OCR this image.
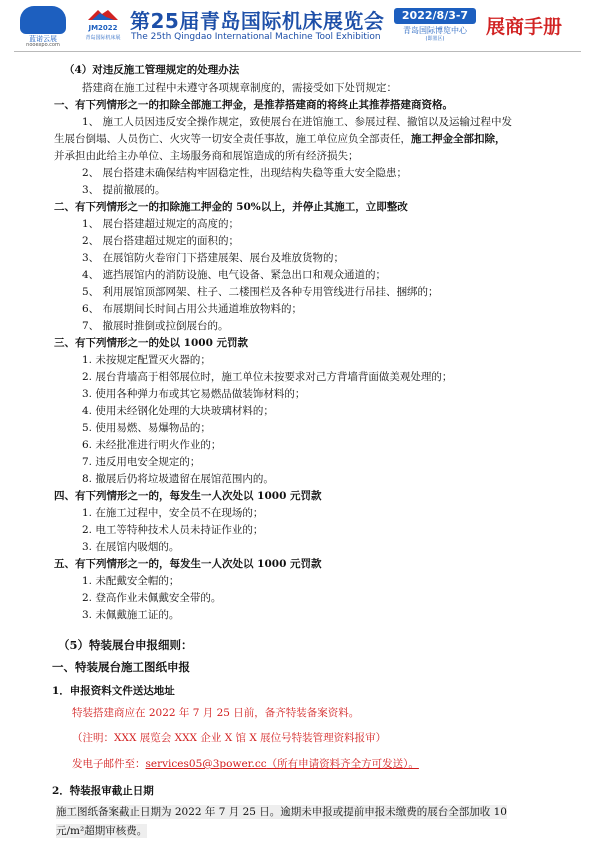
蓝诺云展
nooexpo.com
JM2022
青岛国际机床展
第25届青岛国际机床展览会
The 25th Qingdao International Machine Tool Exhibition
2022/8/3-7
青岛国际博览中心
(即墨区)
展商手册
（4）对违反施工管理规定的处理办法
搭建商在施工过程中未遵守各项规章制度的，需接受如下处罚规定：
一、有下列情形之一的扣除全部施工押金，是推荐搭建商的将终止其推荐搭建商资格。
1、 施工人员因违反安全操作规定，致使展台在进馆施工、参展过程、撤馆以及运输过程中发
生展台倒塌、人员伤亡、火灾等一切安全责任事故，施工单位应负全部责任，施工押金全部扣除，
并承担由此给主办单位、主场服务商和展馆造成的所有经济损失；
2、 展台搭建未确保结构牢固稳定性，出现结构失稳等重大安全隐患；
3、 提前撤展的。
二、有下列情形之一的扣除施工押金的 50%以上，并停止其施工，立即整改
1、 展台搭建超过规定的高度的；
2、 展台搭建超过规定的面积的；
3、 在展馆防火卷帘门下搭建展架、展台及堆放货物的；
4、 遮挡展馆内的消防设施、电气设备、紧急出口和观众通道的；
5、 利用展馆顶部网架、柱子、二楼围栏及各种专用管线进行吊挂、捆绑的；
6、 布展期间长时间占用公共通道堆放物料的；
7、 撤展时推倒或拉倒展台的。
三、有下列情形之一的处以 1000 元罚款
1. 未按规定配置灭火器的；
2. 展台背墙高于相邻展位时，施工单位未按要求对己方背墙背面做美观处理的；
3. 使用各种弹力布或其它易燃品做装饰材料的；
4. 使用未经钢化处理的大块玻璃材料的；
5. 使用易燃、易爆物品的；
6. 未经批准进行明火作业的；
7. 违反用电安全规定的；
8. 撤展后仍将垃圾遗留在展馆范围内的。
四、有下列情形之一的，每发生一人次处以 1000 元罚款
1. 在施工过程中，安全员不在现场的；
2. 电工等特种技术人员未持证作业的；
3. 在展馆内吸烟的。
五、有下列情形之一的，每发生一人次处以 1000 元罚款
1. 未配戴安全帽的；
2. 登高作业未佩戴安全带的。
3. 未佩戴施工证的。
（5）特装展台申报细则：
一、特装展台施工图纸申报
1．申报资料文件送达地址
特装搭建商应在 2022 年 7 月 25 日前，备齐特装备案资料。
（注明：XXX 展览会 XXX 企业 X 馆 X 展位号特装管理资料报审）
发电子邮件至：services05@3power.cc（所有申请资料齐全方可发送）。
2．特装报审截止日期
施工图纸备案截止日期为 2022 年 7 月 25 日。逾期未申报或提前申报未缴费的展台全部加收 10
元/m²超期审核费。
